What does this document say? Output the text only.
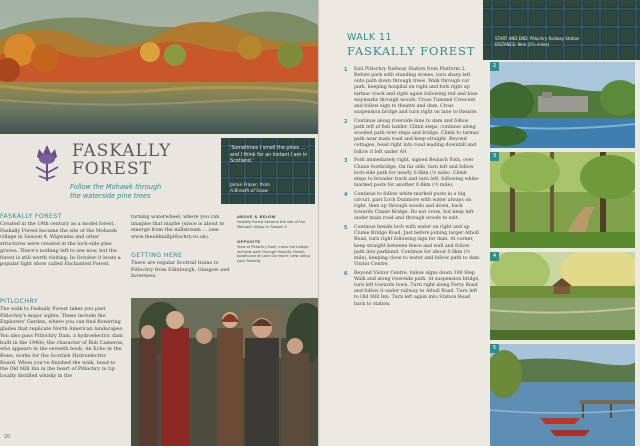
FASKALLY
FOREST
Follow the Mohawk through
the waterside pine trees
'Sometimes I smell the pines ... and I think for an instant I am in Scotland.'
Jamie Fraser, from
A Breath of Snow
FASKALLY FOREST
Created in the 19th century as a model forest, Faskally Forest became the site of the Mohawk village in Season 4. Wigwams and other structures were created in the loch-side pine groves. There's nothing left to see now, but the forest is still worth visiting. In October it hosts a popular light show called Enchanted Forest.
PITLOCHRY
The walk to Faskally Forest takes you past Pitlochry's major sights. These include the Explorers' Garden, where you can find flowering glades that replicate North American landscapes. You also pass Pitlochry Dam, a hydroelectric dam built in the 1940s; the character of Rob Cameron, who appears in the seventh book, An Echo in the Bone, works for the Scottish Hydroelectric Board. When you've finished the walk, head to the Old Mill Inn in the heart of Pitlochry to tip locally distilled whisky in the
turning waterwheel, where you can imagine that maybe (since is about to emerge from the millstream ... (see www.theoldmillpitlochry.co.uk).
GETTING HERE
There are regular Scotrail trains to Pitlochry from Edinburgh, Glasgow and Inverness.
ABOVE & BELOW
Faskally Forest became the site of the Mohawk village in Season 4
OPPOSITE
View of Pitlochry Dam; cross the bridge; lochside path through Faskally Forest; boathouse at Loch Dunmore; view along Loch Faskally
20
START AND END: Pitlochry Railway Station
DISTANCE: 9km (5¾ miles)
WALK 11
FASKALLY FOREST
1 Exit Pitlochry Railway Station from Platform 2. Before park with standing stones, turn sharp left onto path down through trees. Walk through car park, keeping hospital on right and fork right up tarmac track and right again following red and blue waymarks through woods. Cross Tummel Crescent and follow sign to theatre and dam. Cross suspension bridge and turn right on lane to theatre.
2 Continue along riverside lane to dam and follow path left of fish ladder. Climb steps, continue along wooded path over steps and bridge. Climb to tarmac path near main road and keep straight. Beyond cottages, head right into road leading downhill and follow it left under A9.
3 Fork immediately right, signed Bealach Path, over Clunie footbridge. On far side, turn left and follow loch-side path for nearly 0.8km (½ mile). Climb steps to broader track and turn left, following white-marked posts for another 0.8km (½ mile).
4 Continue to follow white-marked posts in a big circuit, past Loch Dunmore with water always on right, then up through woods and down, back towards Clunie Bridge. Do not cross, but keep left under main road and through woods to exit.
5 Continue beside loch with water on right and up Clunie Bridge Road. Just before joining larger Atholl Road, turn right following sign for dam. At corner, keep straight between fence and wall and follow path into parkland. Continue for about 0.8km (½ mile), keeping close to water and follow path to dam Visitor Centre.
6 Beyond Visitor Centre, follow signs down 100 Step Walk and along riverside path. At suspension bridge, turn left towards town. Turn right along Ferry Road and follow it under railway to Atholl Road. Turn left to Old Mill Inn. Turn left again into Station Road back to station.
2
3
4
5
